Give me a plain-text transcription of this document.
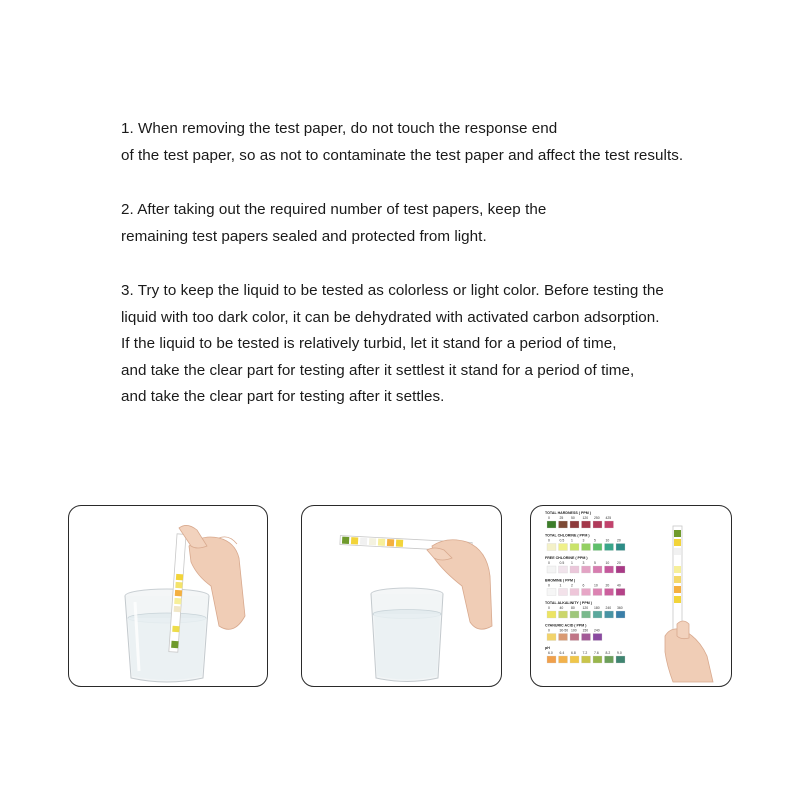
1. When removing the test paper, do not touch the response end
of the test paper, so as not to contaminate the test paper and affect the test results.
2. After taking out the required number of test papers, keep the
remaining test papers sealed and protected from light.
3. Try to keep the liquid to be tested as colorless or light color. Before testing the
liquid with too dark color, it can be dehydrated with activated carbon adsorption.
If the liquid to be tested is relatively turbid, let it stand for a period of time,
and take the clear part for testing after it settlest it stand for a period of time,
and take the clear part for testing after it settles.
TOTAL HARDNESS ( PPM )
0	25 50 120 250 425
TOTAL CHLORINE ( PPM )
0	0.5 1	3	5	10 20
FREE CHLORINE ( PPM )
0	0.5 1	3	5	10 20
BROMINE ( PPM )
0	1	2	6	10 20 40
TOTAL ALKALINITY ( PPM )
0	40 80 120 180 240 360
CYANURIC ACID ( PPM )
0	30-50 100 150 240
pH
6.0 6.4 6.8 7.2 7.6 8.2 9.0
